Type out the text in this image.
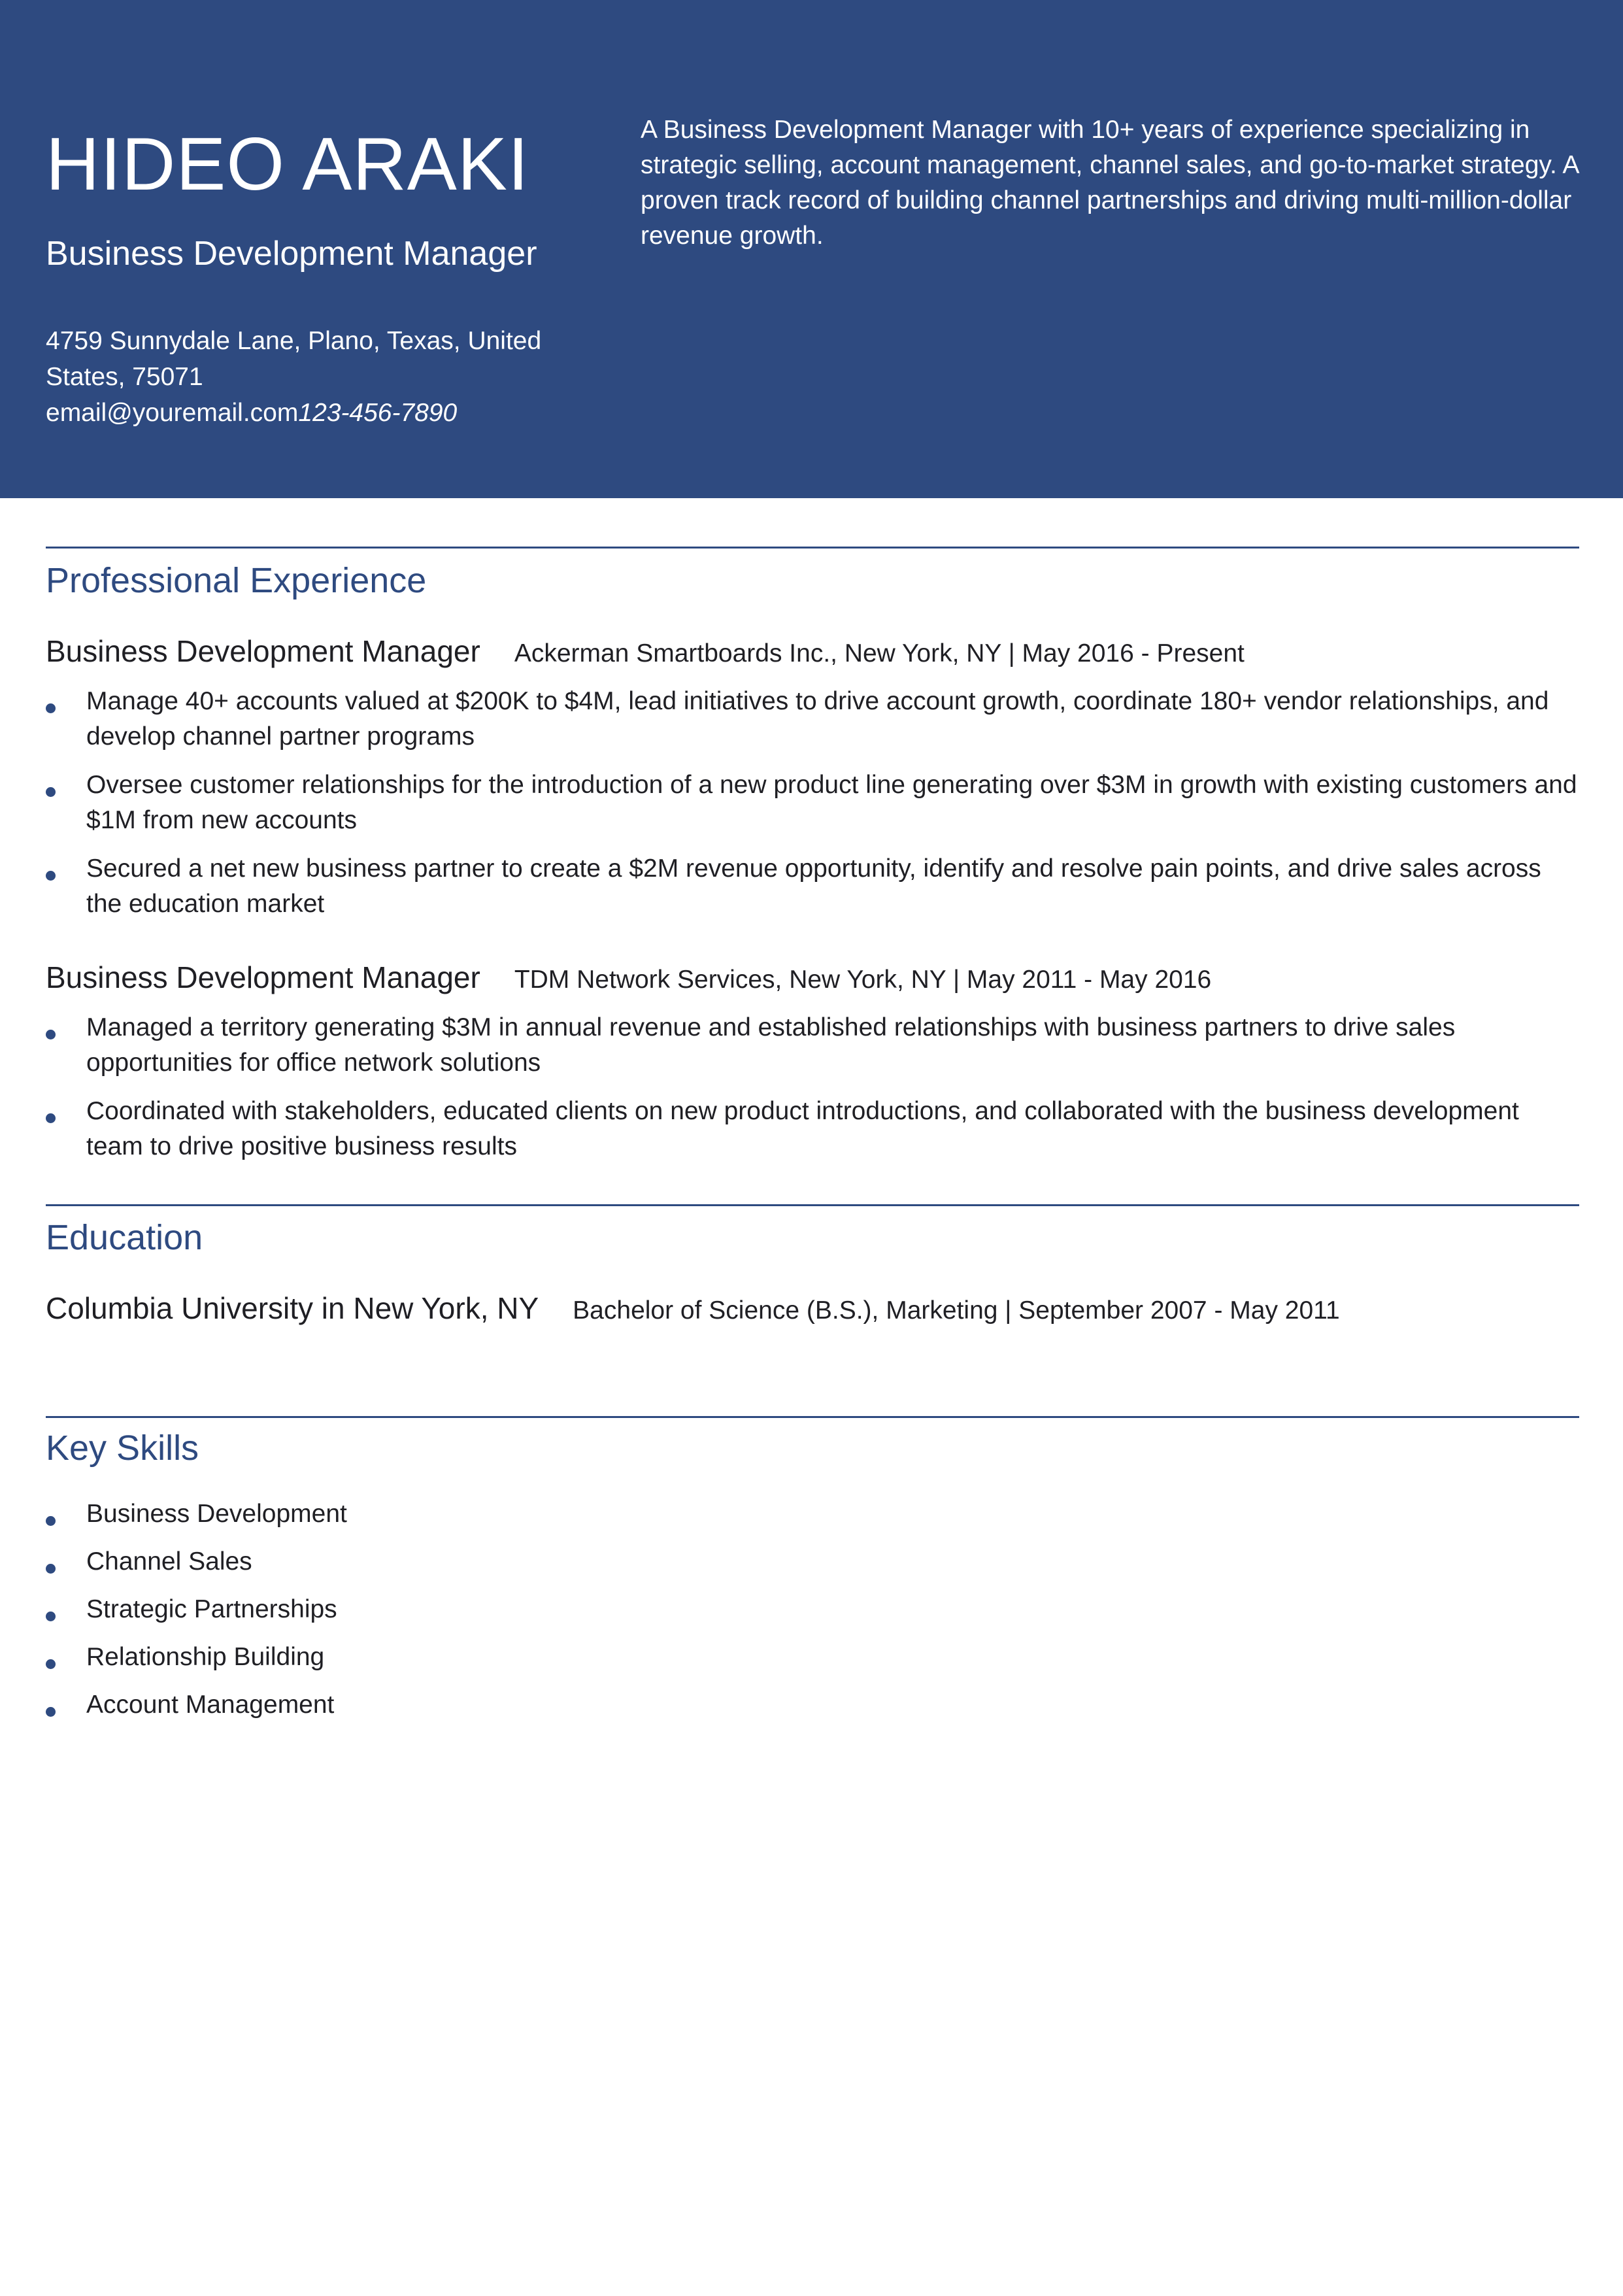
HIDEO ARAKI
Business Development Manager
4759 Sunnydale Lane, Plano, Texas, United States, 75071
email@youremail.com123-456-7890
A Business Development Manager with 10+ years of experience specializing in strategic selling, account management, channel sales, and go-to-market strategy. A proven track record of building channel partnerships and driving multi-million-dollar revenue growth.
Professional Experience
Business Development Manager Ackerman Smartboards Inc., New York, NY | May 2016 - Present
Manage 40+ accounts valued at $200K to $4M, lead initiatives to drive account growth, coordinate 180+ vendor relationships, and develop channel partner programs
Oversee customer relationships for the introduction of a new product line generating over $3M in growth with existing customers and $1M from new accounts
Secured a net new business partner to create a $2M revenue opportunity, identify and resolve pain points, and drive sales across the education market
Business Development Manager TDM Network Services, New York, NY | May 2011 - May 2016
Managed a territory generating $3M in annual revenue and established relationships with business partners to drive sales opportunities for office network solutions
Coordinated with stakeholders, educated clients on new product introductions, and collaborated with the business development team to drive positive business results
Education
Columbia University in New York, NY Bachelor of Science (B.S.), Marketing | September 2007 - May 2011
Key Skills
Business Development
Channel Sales
Strategic Partnerships
Relationship Building
Account Management
